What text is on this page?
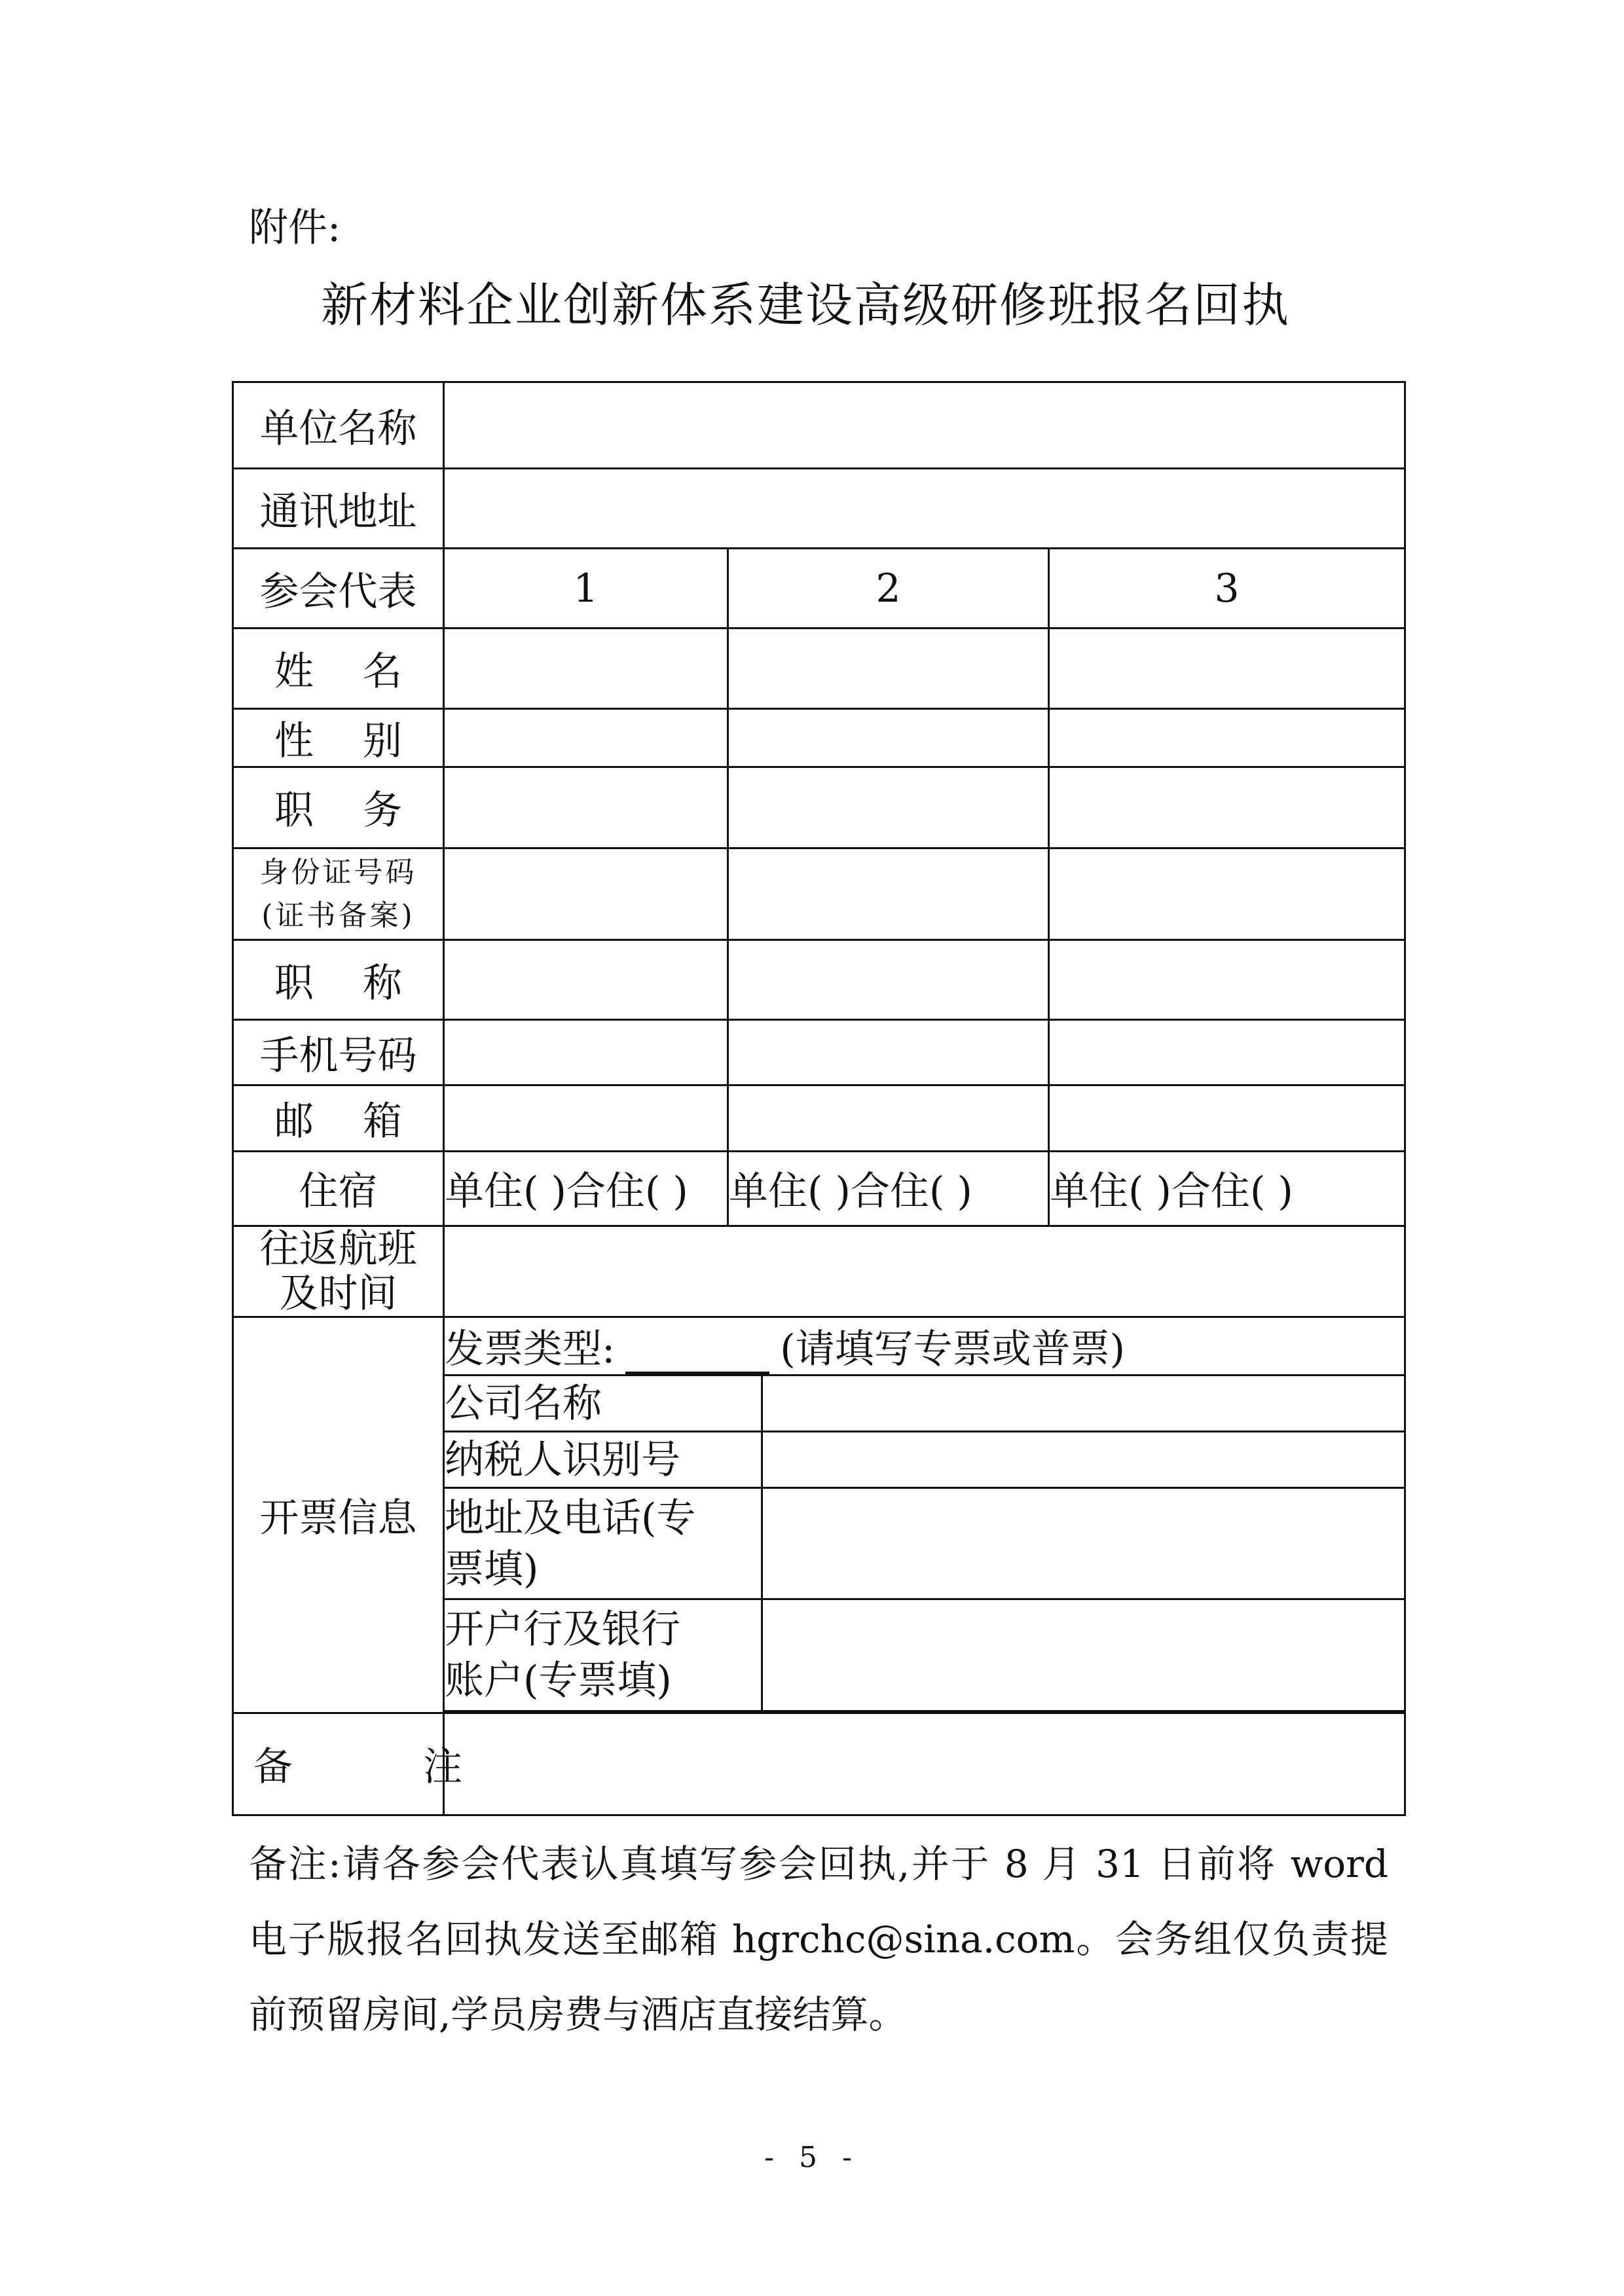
附件:
新材料企业创新体系建设高级研修班报名回执
单位名称				
通讯地址				
参会代表	1	2		3
姓 名				
性 别				
职 务				

身份证号码
(证书备案)				

职 称				
手机号码				
邮 箱				
住宿	单住( )合住( )	单住( )合住( )		单住( )合住( )

往返航班
及时间				

开票信息	发票类型: (请填写专票或普票)			
	公司名称			
	纳税人识别号			

	地址及电话(专
票填)			

	开户行及银行
账户(专票填)			

备 注				
备注:请各参会代表认真填写参会回执,并于 8 月 31 日前将 word 电子版报名回执发送至邮箱 hgrchc@sina.com。会务组仅负责提前预留房间,学员房费与酒店直接结算。
- 5 -
